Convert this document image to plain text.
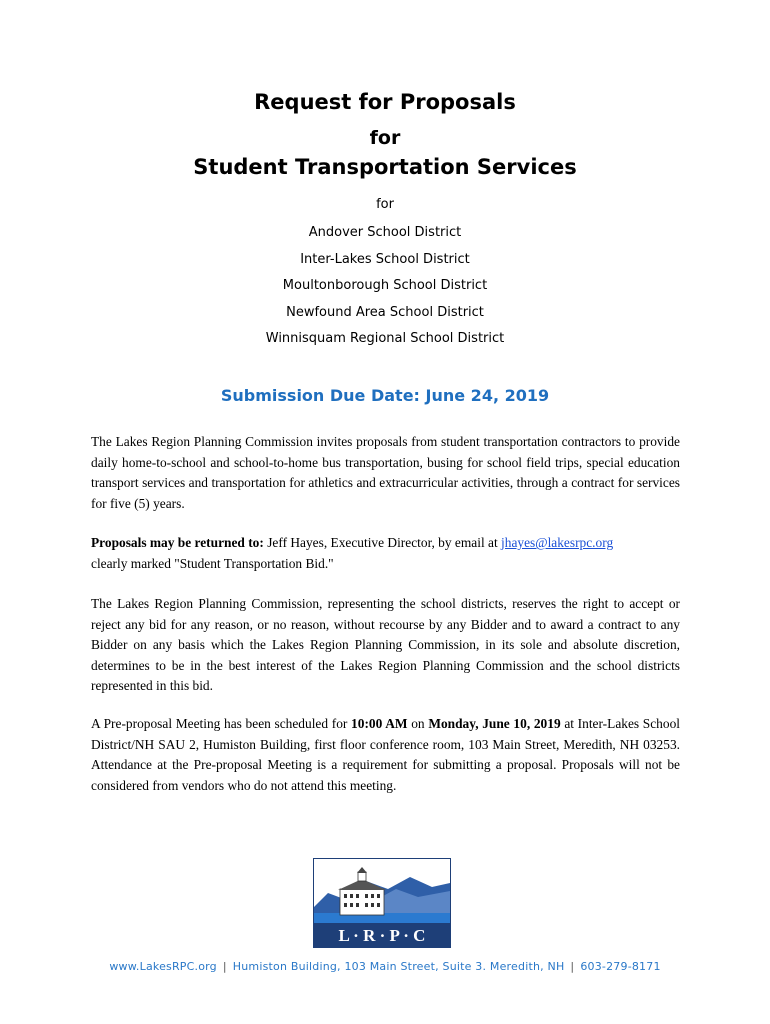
Request for Proposals
for
Student Transportation Services
for
Andover School District
Inter-Lakes School District
Moultonborough School District
Newfound Area School District
Winnisquam Regional School District
Submission Due Date: June 24, 2019
The Lakes Region Planning Commission invites proposals from student transportation contractors to provide daily home-to-school and school-to-home bus transportation, busing for school field trips, special education transport services and transportation for athletics and extracurricular activities, through a contract for services for five (5) years.
Proposals may be returned to: Jeff Hayes, Executive Director, by email at jhayes@lakesrpc.org
clearly marked "Student Transportation Bid."
The Lakes Region Planning Commission, representing the school districts, reserves the right to accept or reject any bid for any reason, or no reason, without recourse by any Bidder and to award a contract to any Bidder on any basis which the Lakes Region Planning Commission, in its sole and absolute discretion, determines to be in the best interest of the Lakes Region Planning Commission and the school districts represented in this bid.
A Pre-proposal Meeting has been scheduled for 10:00 AM on Monday, June 10, 2019 at Inter-Lakes School District/NH SAU 2, Humiston Building, first floor conference room, 103 Main Street, Meredith, NH 03253. Attendance at the Pre-proposal Meeting is a requirement for submitting a proposal. Proposals will not be considered from vendors who do not attend this meeting.
L · R · P · C
www.LakesRPC.org | Humiston Building, 103 Main Street, Suite 3. Meredith, NH | 603-279-8171
